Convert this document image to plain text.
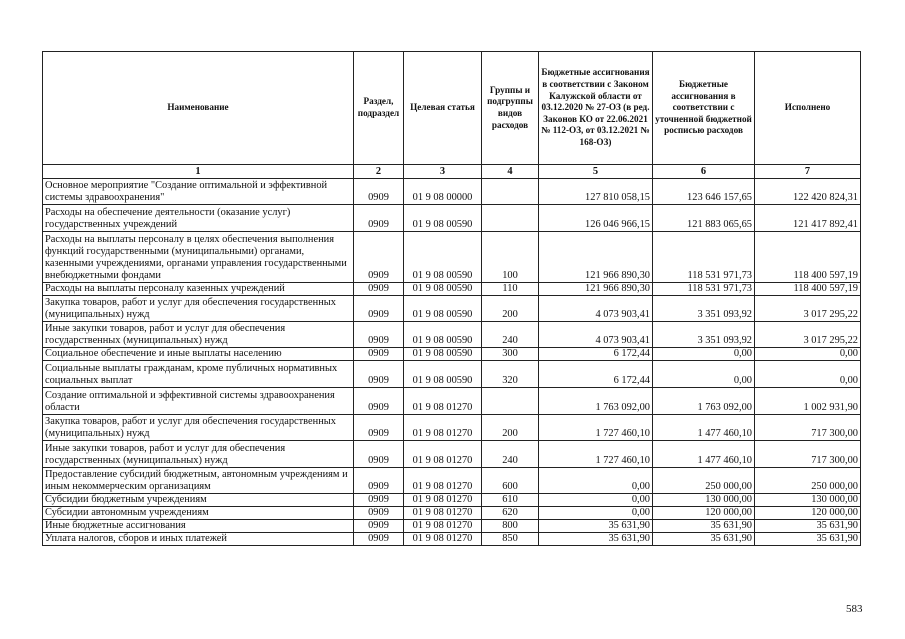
Наименование	Раздел, подраздел	Целевая статья	Группы и подгруппы видов расходов	Бюджетные ассигнования в соответствии с Законом Калужской области от 03.12.2020 № 27-ОЗ (в ред. Законов КО от 22.06.2021 № 112-ОЗ, от 03.12.2021 № 168-ОЗ)	Бюджетные ассигнования в соответствии с уточненной бюджетной росписью расходов	Исполнено
1	2	3	4	5	6	7
Основное мероприятие "Создание оптимальной и эффективной системы здравоохранения"	0909	01 9 08 00000		127 810 058,15	123 646 157,65	122 420 824,31
Расходы на обеспечение деятельности (оказание услуг) государственных учреждений	0909	01 9 08 00590		126 046 966,15	121 883 065,65	121 417 892,41
Расходы на выплаты персоналу в целях обеспечения выполнения функций государственными (муниципальными) органами, казенными учреждениями, органами управления государственными внебюджетными фондами	0909	01 9 08 00590	100	121 966 890,30	118 531 971,73	118 400 597,19
Расходы на выплаты персоналу казенных учреждений	0909	01 9 08 00590	110	121 966 890,30	118 531 971,73	118 400 597,19
Закупка товаров, работ и услуг для обеспечения государственных (муниципальных) нужд	0909	01 9 08 00590	200	4 073 903,41	3 351 093,92	3 017 295,22
Иные закупки товаров, работ и услуг для обеспечения государственных (муниципальных) нужд	0909	01 9 08 00590	240	4 073 903,41	3 351 093,92	3 017 295,22
Социальное обеспечение и иные выплаты населению	0909	01 9 08 00590	300	6 172,44	0,00	0,00
Социальные выплаты гражданам, кроме публичных нормативных социальных выплат	0909	01 9 08 00590	320	6 172,44	0,00	0,00
Создание оптимальной и эффективной системы здравоохранения области	0909	01 9 08 01270		1 763 092,00	1 763 092,00	1 002 931,90
Закупка товаров, работ и услуг для обеспечения государственных (муниципальных) нужд	0909	01 9 08 01270	200	1 727 460,10	1 477 460,10	717 300,00
Иные закупки товаров, работ и услуг для обеспечения государственных (муниципальных) нужд	0909	01 9 08 01270	240	1 727 460,10	1 477 460,10	717 300,00
Предоставление субсидий бюджетным, автономным учреждениям и иным некоммерческим организациям	0909	01 9 08 01270	600	0,00	250 000,00	250 000,00
Субсидии бюджетным учреждениям	0909	01 9 08 01270	610	0,00	130 000,00	130 000,00
Субсидии автономным учреждениям	0909	01 9 08 01270	620	0,00	120 000,00	120 000,00
Иные бюджетные ассигнования	0909	01 9 08 01270	800	35 631,90	35 631,90	35 631,90
Уплата налогов, сборов и иных платежей	0909	01 9 08 01270	850	35 631,90	35 631,90	35 631,90
583
